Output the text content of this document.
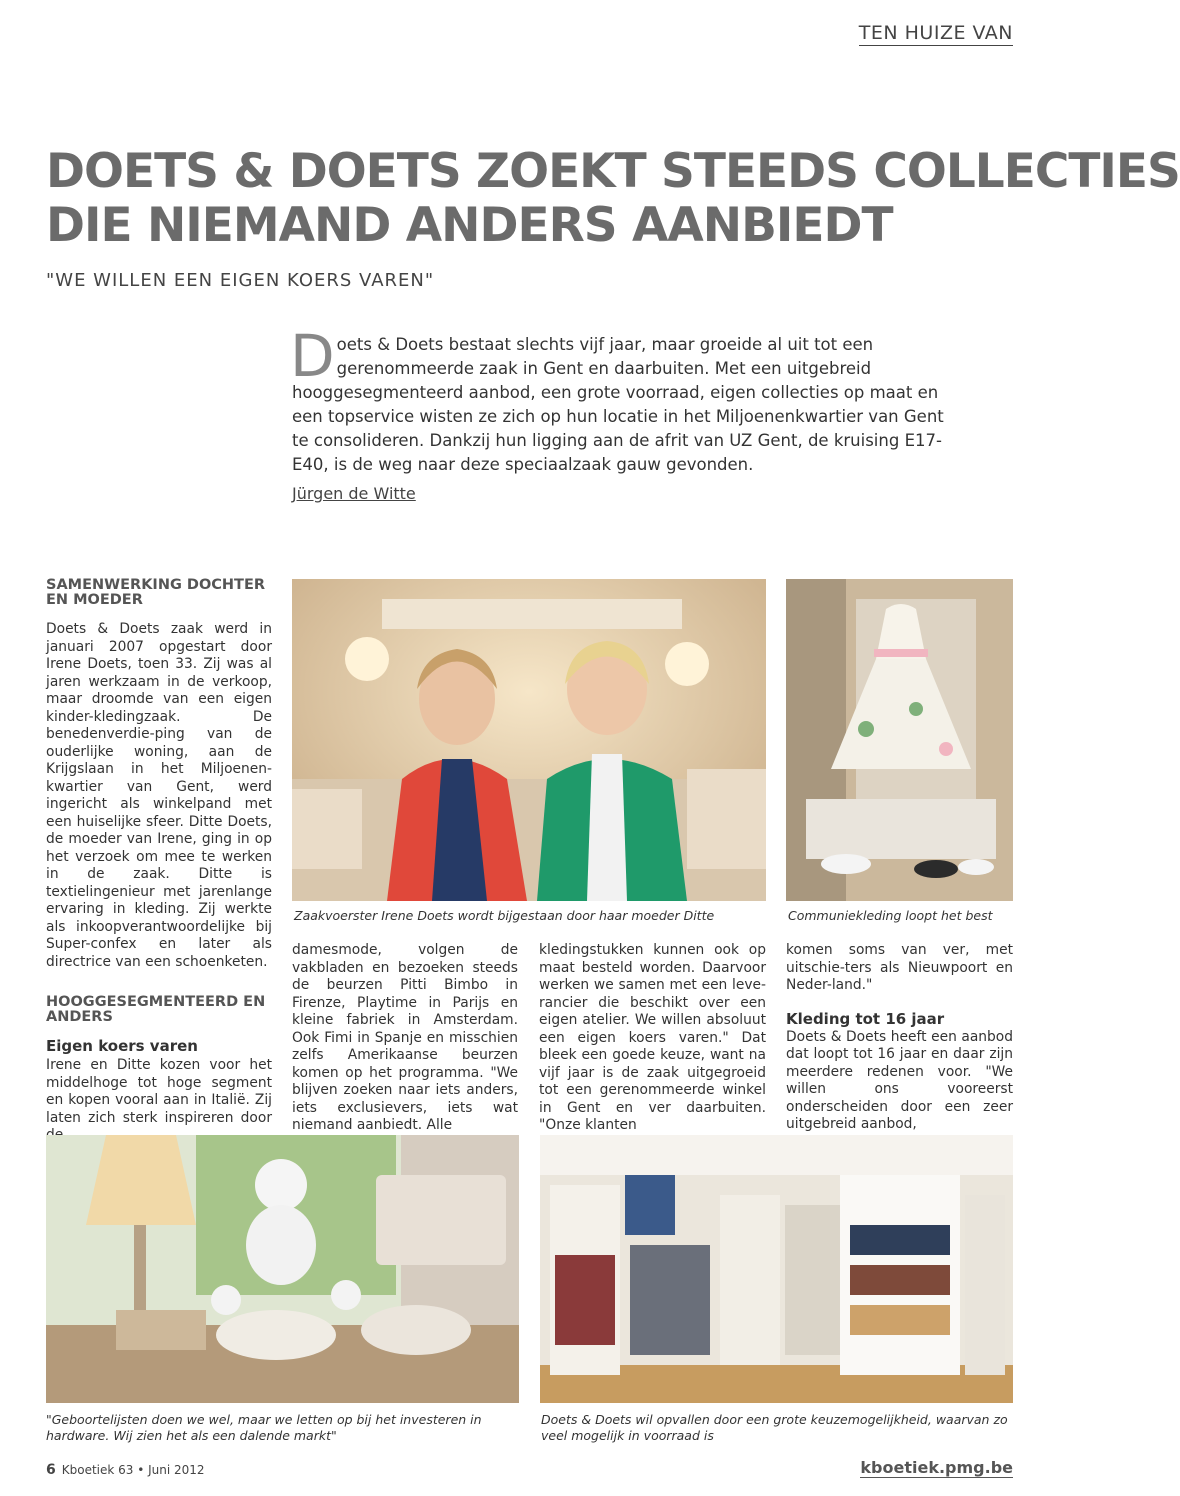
TEN HUIZE VAN
DOETS & DOETS ZOEKT STEEDS COLLECTIES
DIE NIEMAND ANDERS AANBIEDT
"WE WILLEN EEN EIGEN KOERS VAREN"
Doets & Doets bestaat slechts vijf jaar, maar groeide al uit tot een gerenommeerde zaak in Gent en daarbuiten. Met een uitgebreid hooggesegmenteerd aanbod, een grote voorraad, eigen collecties op maat en een topservice wisten ze zich op hun locatie in het Miljoenenkwartier van Gent te consolideren. Dankzij hun ligging aan de afrit van UZ Gent, de kruising E17-E40, is de weg naar deze speciaalzaak gauw gevonden.
Jürgen de Witte
SAMENWERKING DOCHTER EN MOEDER

Doets & Doets zaak werd in januari 2007 opgestart door Irene Doets, toen 33. Zij was al jaren werkzaam in de verkoop, maar droomde van een eigen kinder-kledingzaak. De benedenverdie-ping van de ouderlijke woning, aan de Krijgslaan in het Miljoenen-kwartier van Gent, werd ingericht als winkelpand met een huiselijke sfeer. Ditte Doets, de moeder van Irene, ging in op het verzoek om mee te werken in de zaak. Ditte is textielingenieur met jarenlange ervaring in kleding. Zij werkte als inkoopverantwoordelijke bij Super-confex en later als directrice van een schoenketen.

HOOGGESEGMENTEERD EN ANDERS
Eigen koers varen

Irene en Ditte kozen voor het middelhoge tot hoge segment en kopen vooral aan in Italië. Zij laten zich sterk inspireren door

Zaakvoerster Irene Doets wordt bijgestaan door haar moeder Ditte	Communiekleding loopt het best

damesmode, volgen de vakbladen en bezoeken steeds de beurzen Pitti Bimbo in Firenze, Playtime in Parijs en kleine fabriek in Amsterdam. Ook Fimi in Spanje en misschien zelfs Amerikaanse beurzen komen op het programma. "We blijven zoeken naar iets anders, iets exclusievers, iets wat niemand aanbiedt. Alle

kledingstukken kunnen ook op maat besteld worden. Daarvoor werken we samen met een leve-rancier die beschikt over een eigen atelier. We willen absoluut een eigen koers varen." Dat bleek een goede keuze, want na vijf jaar is de zaak uitgegroeid tot een gerenommeerde winkel in Gent en ver daarbuiten. "Onze klanten

komen soms van ver, met uitschie-ters als Nieuwpoort en Neder-land."

Kleding tot 16 jaar

Doets & Doets heeft een aanbod dat loopt tot 16 jaar en daar zijn meerdere redenen voor. "We willen ons vooreerst onderscheiden door een zeer uitgebreid aanbod,

"Geboortelijsten doen we wel, maar we letten op bij het investeren in hardware. Wij zien het als een dalende markt"
Doets & Doets wil opvallen door een grote keuzemogelijkheid, waarvan zo veel mogelijk in voorraad is
6 Kboetiek 63 • Juni 2012	kboetiek.pmg.be
